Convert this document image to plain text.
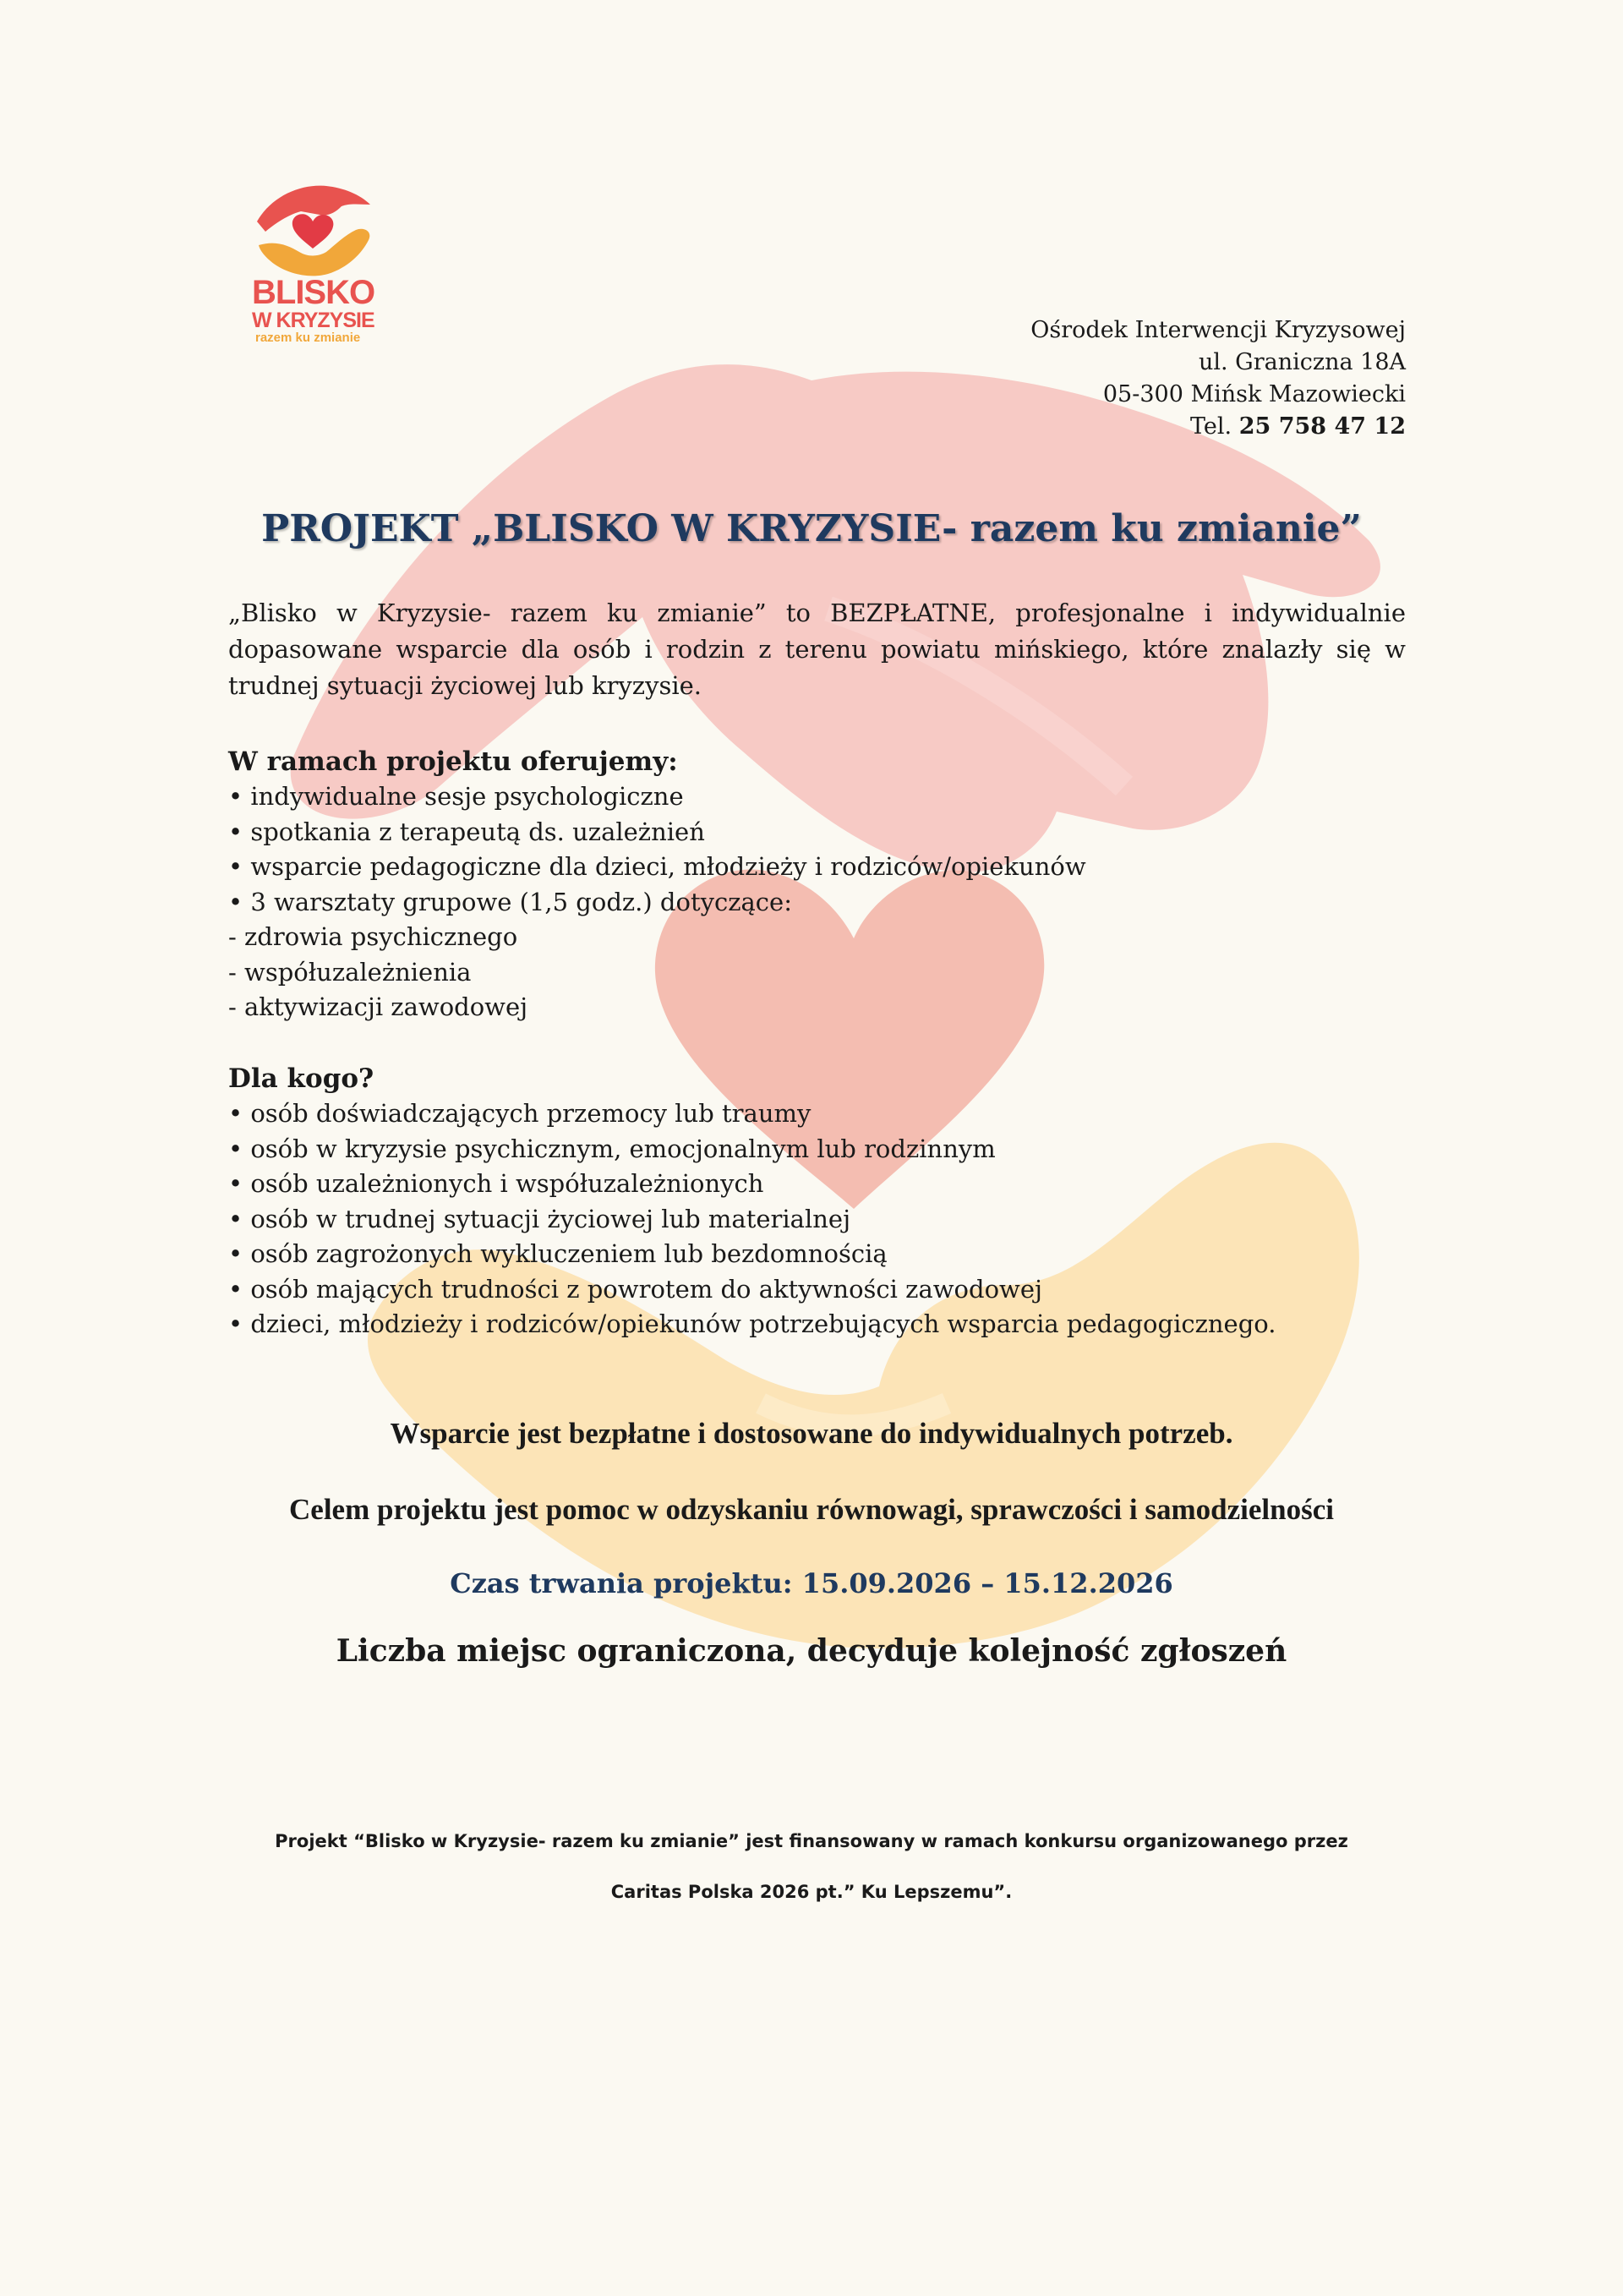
BLISKO
W KRYZYSIE
razem ku zmianie	Ośrodek Interwencji Kryzysowej
ul. Graniczna 18A
05-300 Mińsk Mazowiecki
Tel. 25 758 47 12
PROJEKT „BLISKO W KRYZYSIE- razem ku zmianie”

„Blisko w Kryzysie- razem ku zmianie” to BEZPŁATNE, profesjonalne i indywidualnie dopasowane wsparcie dla osób i rodzin z terenu powiatu mińskiego, które znalazły się w trudnej sytuacji życiowej lub kryzysie.

W ramach projektu oferujemy:

• indywidualne sesje psychologiczne
• spotkania z terapeutą ds. uzależnień
• wsparcie pedagogiczne dla dzieci, młodzieży i rodziców/opiekunów
• 3 warsztaty grupowe (1,5 godz.) dotyczące:
- zdrowia psychicznego
- współuzależnienia
- aktywizacji zawodowej

Dla kogo?

• osób doświadczających przemocy lub traumy
• osób w kryzysie psychicznym, emocjonalnym lub rodzinnym
• osób uzależnionych i współuzależnionych
• osób w trudnej sytuacji życiowej lub materialnej
• osób zagrożonych wykluczeniem lub bezdomnością
• osób mających trudności z powrotem do aktywności zawodowej
• dzieci, młodzieży i rodziców/opiekunów potrzebujących wsparcia pedagogicznego.

Wsparcie jest bezpłatne i dostosowane do indywidualnych potrzeb.

Celem projektu jest pomoc w odzyskaniu równowagi, sprawczości i samodzielności

Czas trwania projektu: 15.09.2026 – 15.12.2026

Liczba miejsc ograniczona, decyduje kolejność zgłoszeń

Projekt “Blisko w Kryzysie- razem ku zmianie” jest finansowany w ramach konkursu organizowanego przez

Caritas Polska 2026 pt.” Ku Lepszemu”.
